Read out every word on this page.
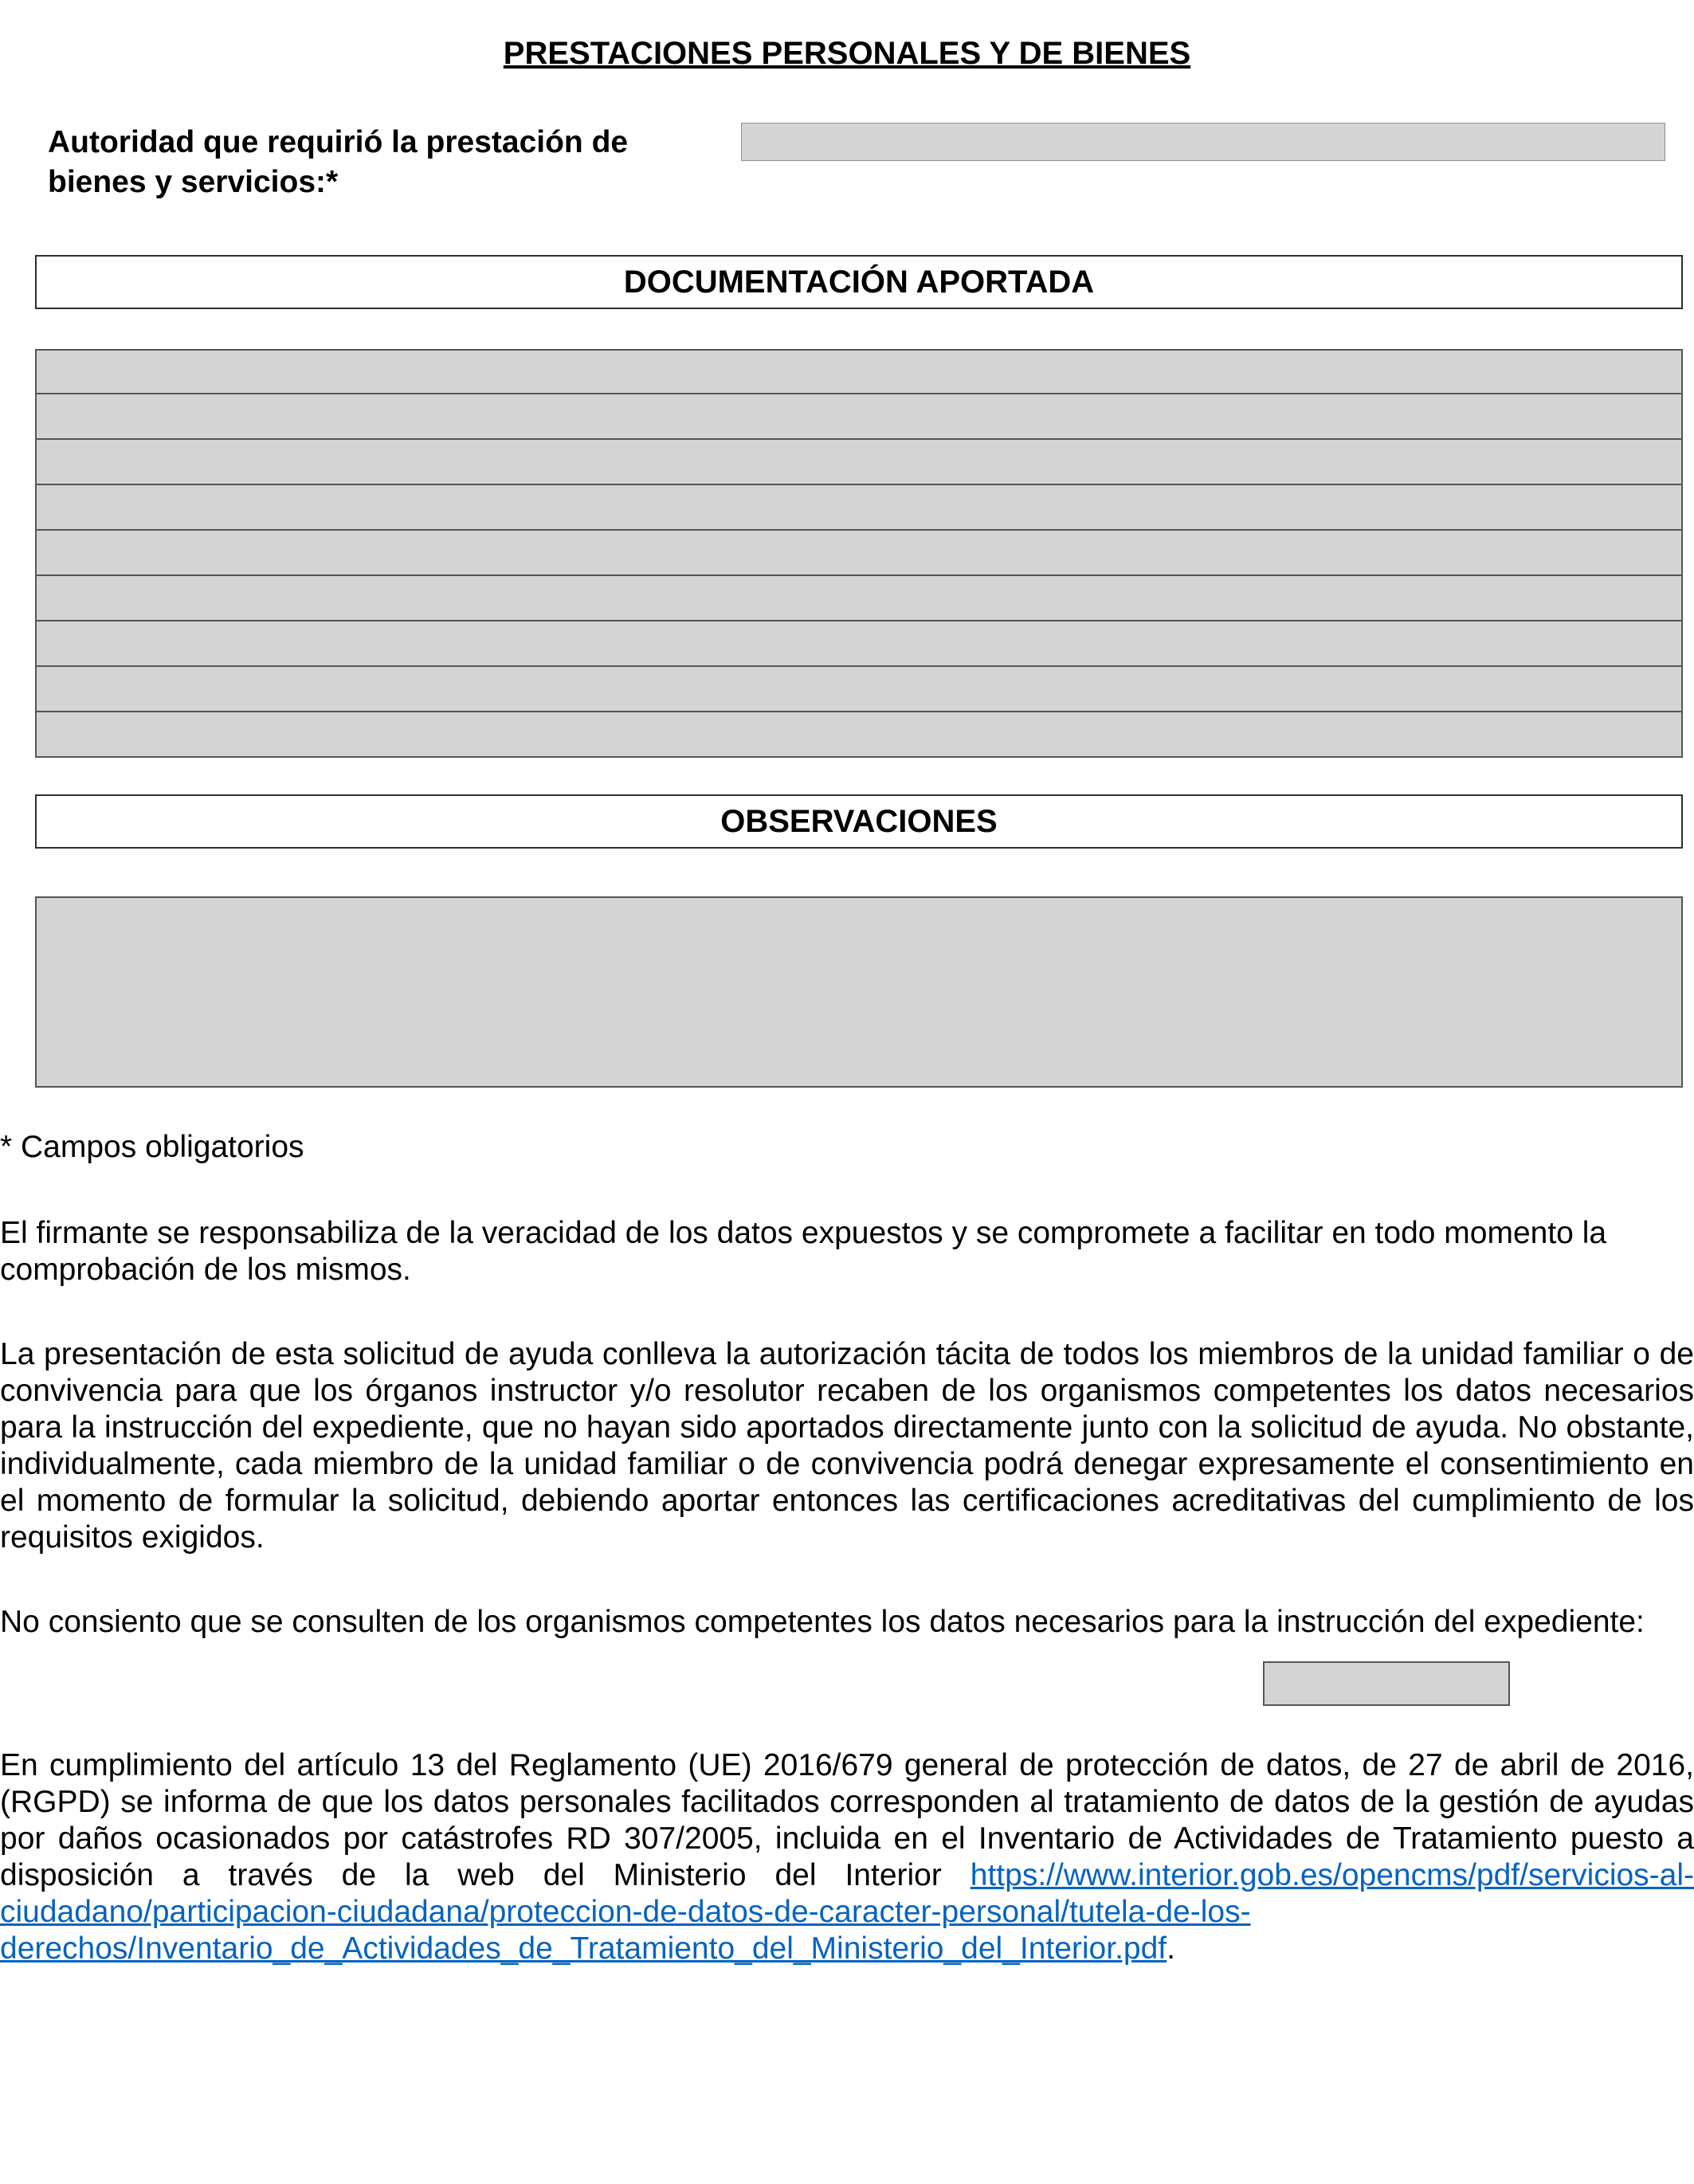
PRESTACIONES PERSONALES Y DE BIENES
Autoridad que requirió la prestación de bienes y servicios:*
DOCUMENTACIÓN APORTADA
OBSERVACIONES

* Campos obligatorios

El firmante se responsabiliza de la veracidad de los datos expuestos y se compromete a facilitar en todo momento la comprobación de los mismos.

La presentación de esta solicitud de ayuda conlleva la autorización tácita de todos los miembros de la unidad familiar o de convivencia para que los órganos instructor y/o resolutor recaben de los organismos competentes los datos necesarios para la instrucción del expediente, que no hayan sido aportados directamente junto con la solicitud de ayuda. No obstante, individualmente, cada miembro de la unidad familiar o de convivencia podrá denegar expresamente el consentimiento en el momento de formular la solicitud, debiendo aportar entonces las certificaciones acreditativas del cumplimiento de los requisitos exigidos.

No consiento que se consulten de los organismos competentes los datos necesarios para la instrucción del expediente:

En cumplimiento del artículo 13 del Reglamento (UE) 2016/679 general de protección de datos, de 27 de abril de 2016, (RGPD) se informa de que los datos personales facilitados corresponden al tratamiento de datos de la gestión de ayudas por daños ocasionados por catástrofes RD 307/2005, incluida en el Inventario de Actividades de Tratamiento puesto a disposición a través de la web del Ministerio del Interior https://www.interior.gob.es/opencms/pdf/servicios-al-ciudadano/participacion-ciudadana/proteccion-de-datos-de-caracter-personal/tutela-de-los-derechos/Inventario_de_Actividades_de_Tratamiento_del_Ministerio_del_Interior.pdf.
